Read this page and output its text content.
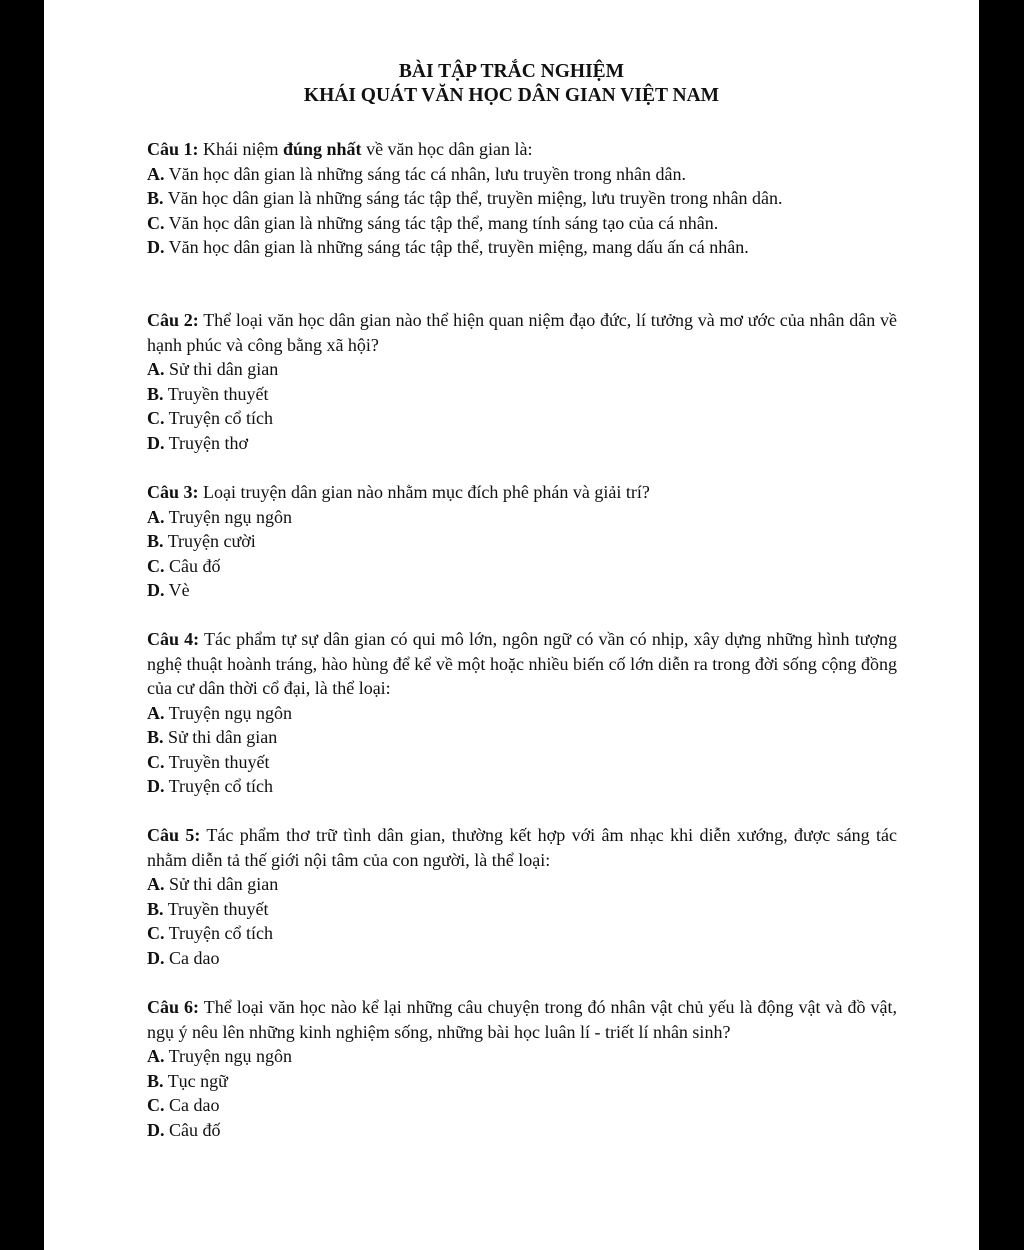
BÀI TẬP TRẮC NGHIỆM
KHÁI QUÁT VĂN HỌC DÂN GIAN VIỆT NAM
Câu 1: Khái niệm đúng nhất về văn học dân gian là:
A. Văn học dân gian là những sáng tác cá nhân, lưu truyền trong nhân dân.
B. Văn học dân gian là những sáng tác tập thể, truyền miệng, lưu truyền trong nhân dân.
C. Văn học dân gian là những sáng tác tập thể, mang tính sáng tạo của cá nhân.
D. Văn học dân gian là những sáng tác tập thể, truyền miệng, mang dấu ấn cá nhân.
Câu 2: Thể loại văn học dân gian nào thể hiện quan niệm đạo đức, lí tưởng và mơ ước của nhân dân về hạnh phúc và công bằng xã hội?
A. Sử thi dân gian
B. Truyền thuyết
C. Truyện cổ tích
D. Truyện thơ
Câu 3: Loại truyện dân gian nào nhằm mục đích phê phán và giải trí?
A. Truyện ngụ ngôn
B. Truyện cười
C. Câu đố
D. Vè
Câu 4: Tác phẩm tự sự dân gian có qui mô lớn, ngôn ngữ có vần có nhịp, xây dựng những hình tượng nghệ thuật hoành tráng, hào hùng để kể về một hoặc nhiều biến cố lớn diễn ra trong đời sống cộng đồng của cư dân thời cổ đại, là thể loại:
A. Truyện ngụ ngôn
B. Sử thi dân gian
C. Truyền thuyết
D. Truyện cổ tích
Câu 5: Tác phẩm thơ trữ tình dân gian, thường kết hợp với âm nhạc khi diễn xướng, được sáng tác nhằm diễn tả thế giới nội tâm của con người, là thể loại:
A. Sử thi dân gian
B. Truyền thuyết
C. Truyện cổ tích
D. Ca dao
Câu 6: Thể loại văn học nào kể lại những câu chuyện trong đó nhân vật chủ yếu là động vật và đồ vật, ngụ ý nêu lên những kinh nghiệm sống, những bài học luân lí - triết lí nhân sinh?
A. Truyện ngụ ngôn
B. Tục ngữ
C. Ca dao
D. Câu đố
